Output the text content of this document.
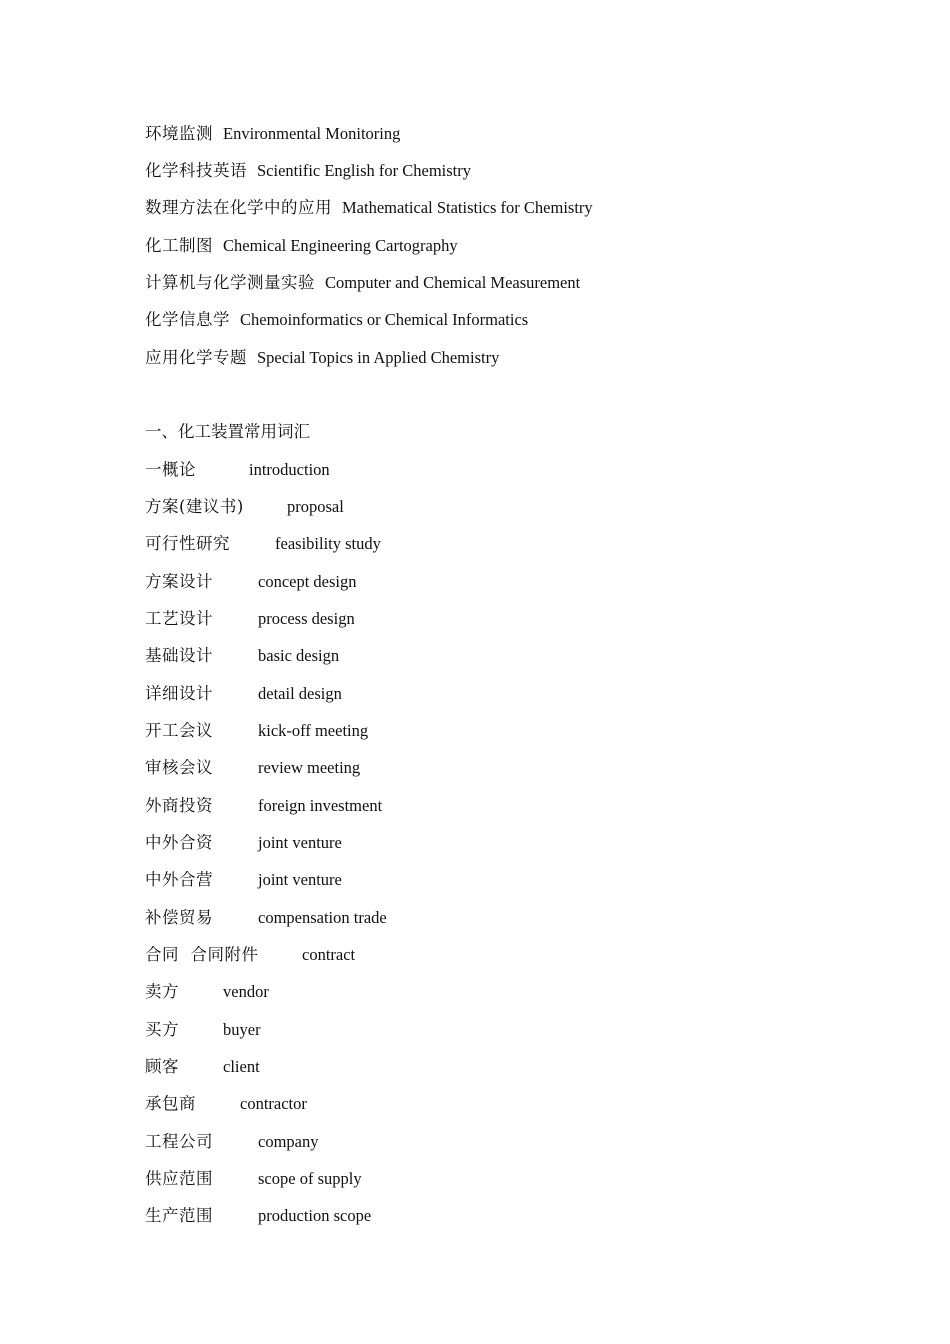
环境监测 Environmental Monitoring
化学科技英语 Scientific English for Chemistry
数理方法在化学中的应用 Mathematical Statistics for Chemistry
化工制图 Chemical Engineering Cartography
计算机与化学测量实验 Computer and Chemical Measurement
化学信息学 Chemoinformatics or Chemical Informatics
应用化学专题 Special Topics in Applied Chemistry
一、化工装置常用词汇
一概论	introduction
方案(建议书)	proposal
可行性研究	feasibility study
方案设计	concept design
工艺设计	process design
基础设计	basic design
详细设计	detail design
开工会议	kick-off meeting
审核会议	review meeting
外商投资	foreign investment
中外合资	joint venture
中外合营	joint venture
补偿贸易	compensation trade
合同  合同附件	contract
卖方	vendor
买方	buyer
顾客	client
承包商	contractor
工程公司	company
供应范围	scope of supply
生产范围	production scope
